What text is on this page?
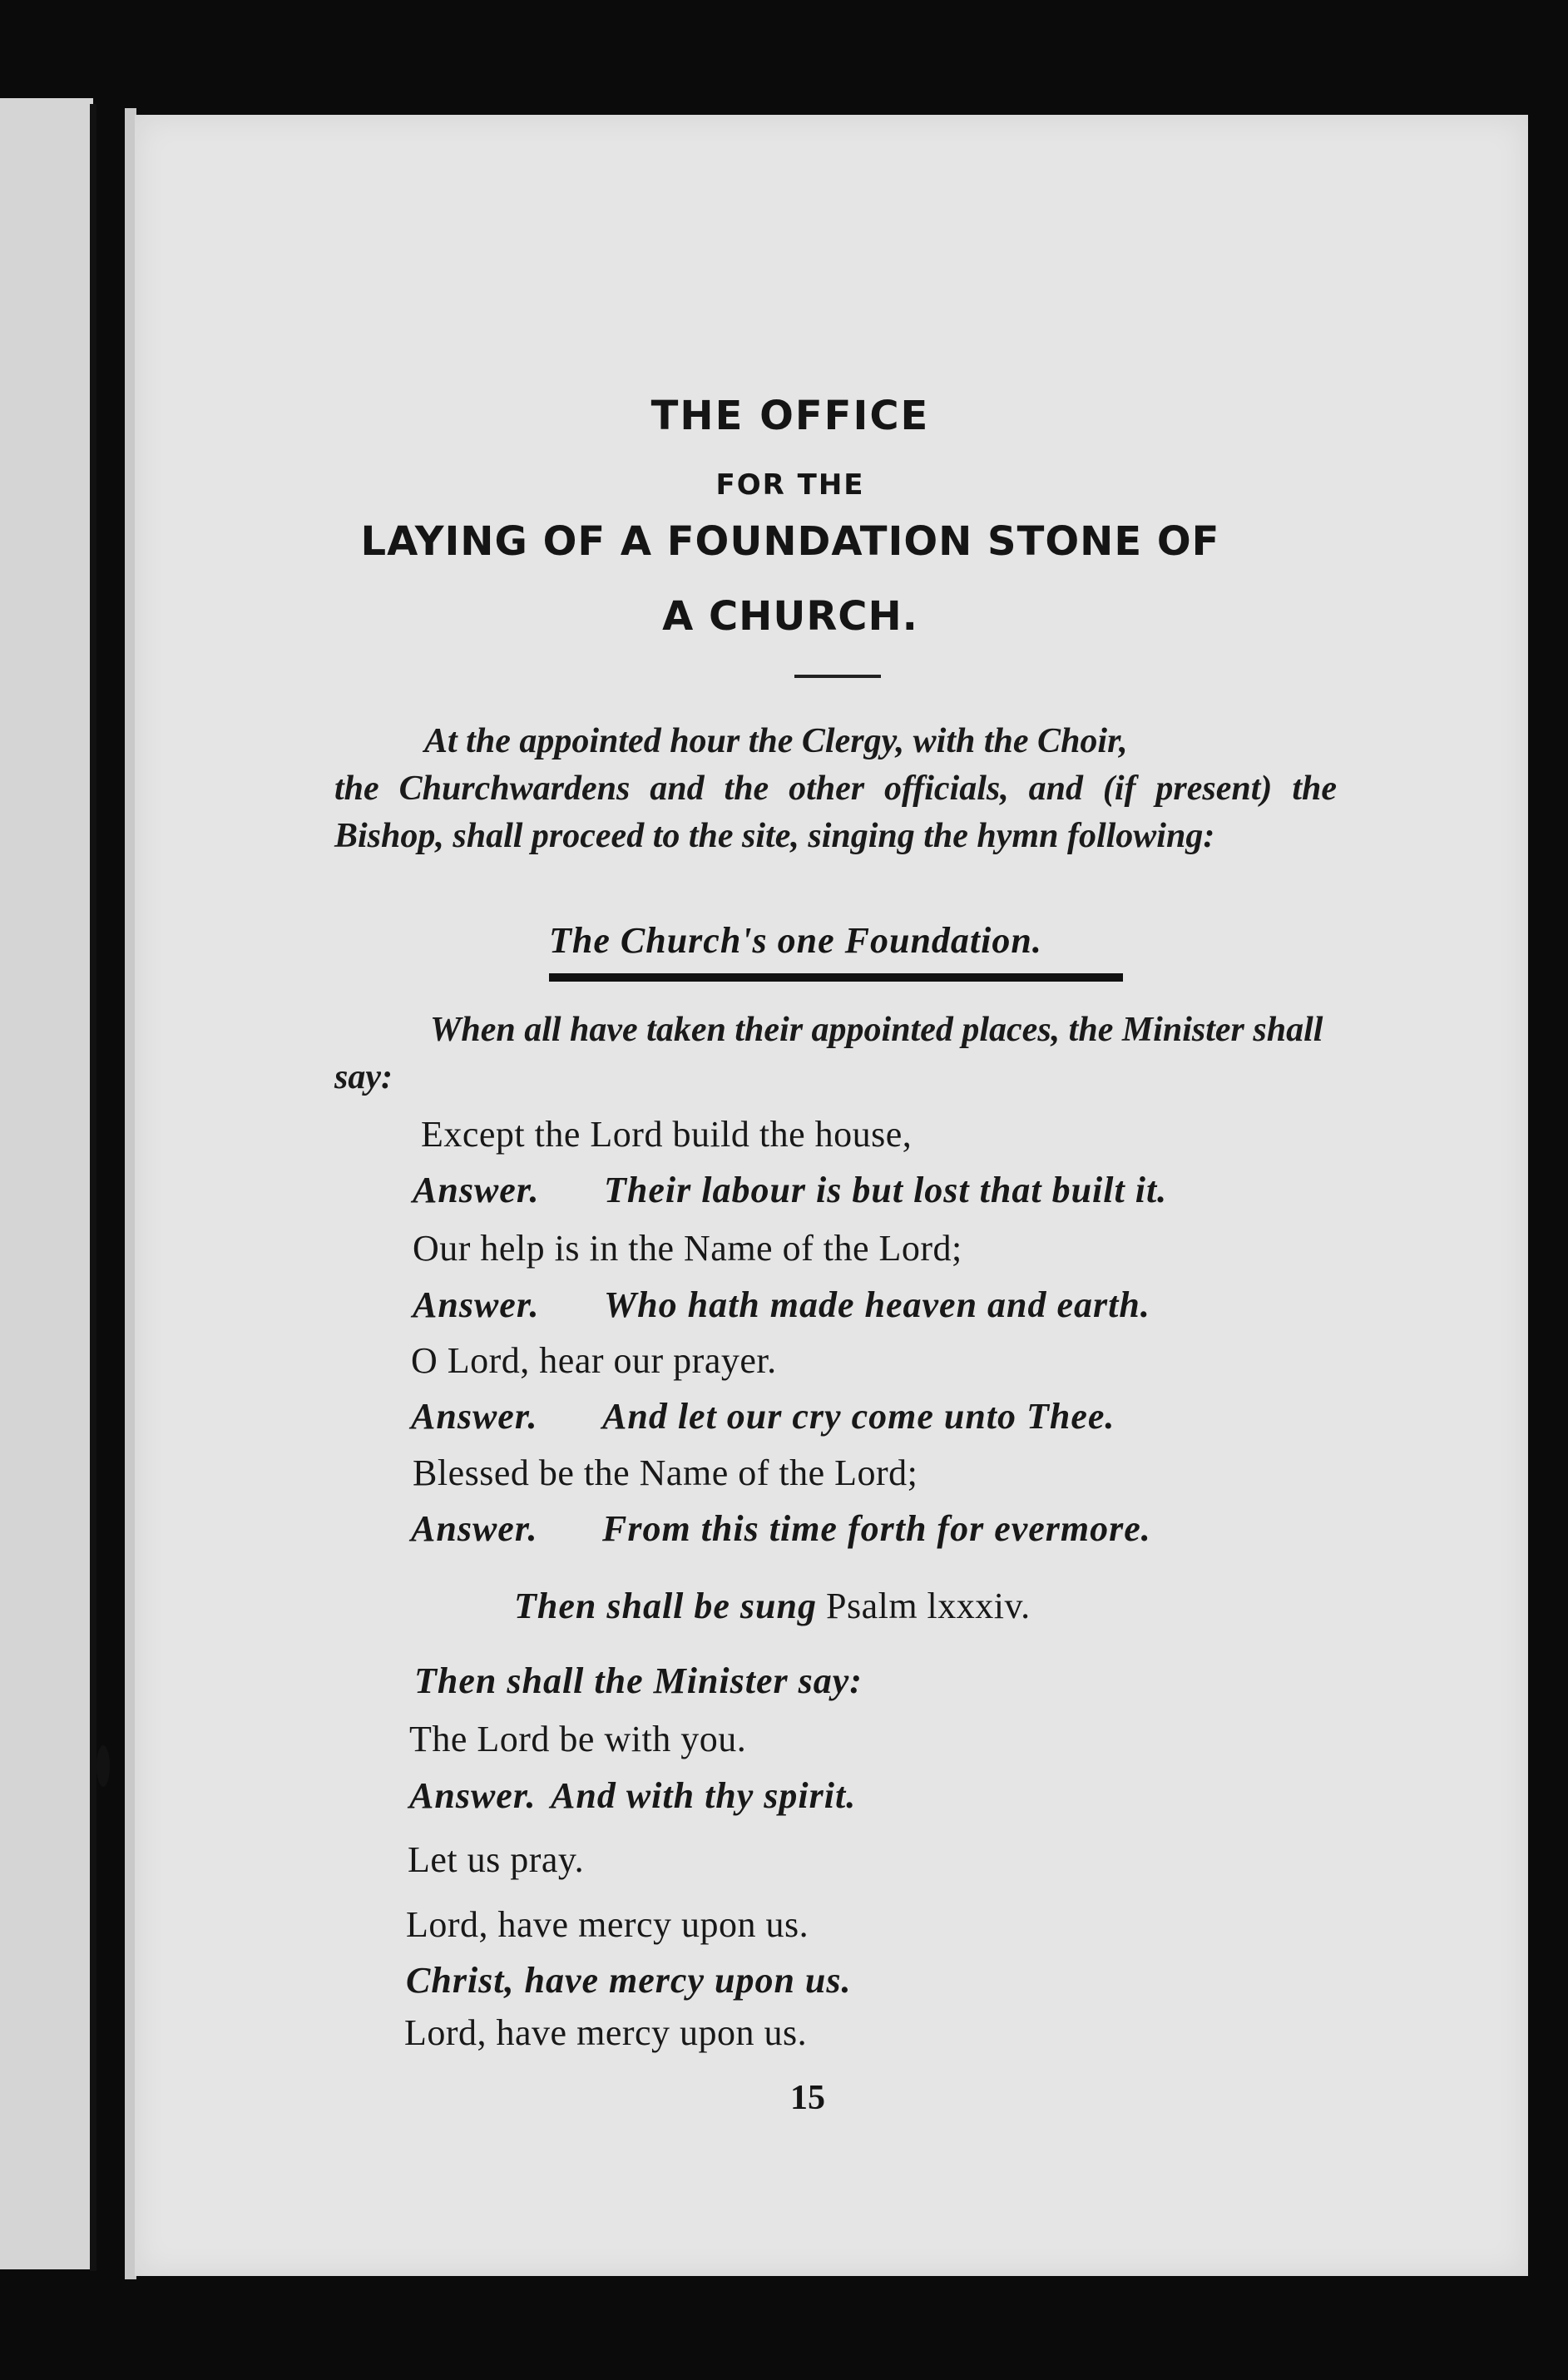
THE OFFICE
FOR THE
LAYING OF A FOUNDATION STONE OF
A CHURCH.
At the appointed hour the Clergy, with the Choir,
the Churchwardens and the other officials, and (if present) the Bishop, shall proceed to the site, singing the hymn following:
The Church's one Foundation.
When all have taken their appointed places, the Minister shall say:
Except the Lord build the house,
Answer. Their labour is but lost that built it.
Our help is in the Name of the Lord;
Answer. Who hath made heaven and earth.
O Lord, hear our prayer.
Answer. And let our cry come unto Thee.
Blessed be the Name of the Lord;
Answer. From this time forth for evermore.
Then shall be sung Psalm lxxxiv.
Then shall the Minister say:
The Lord be with you.
Answer. And with thy spirit.
Let us pray.
Lord, have mercy upon us.
Christ, have mercy upon us.
Lord, have mercy upon us.
15
